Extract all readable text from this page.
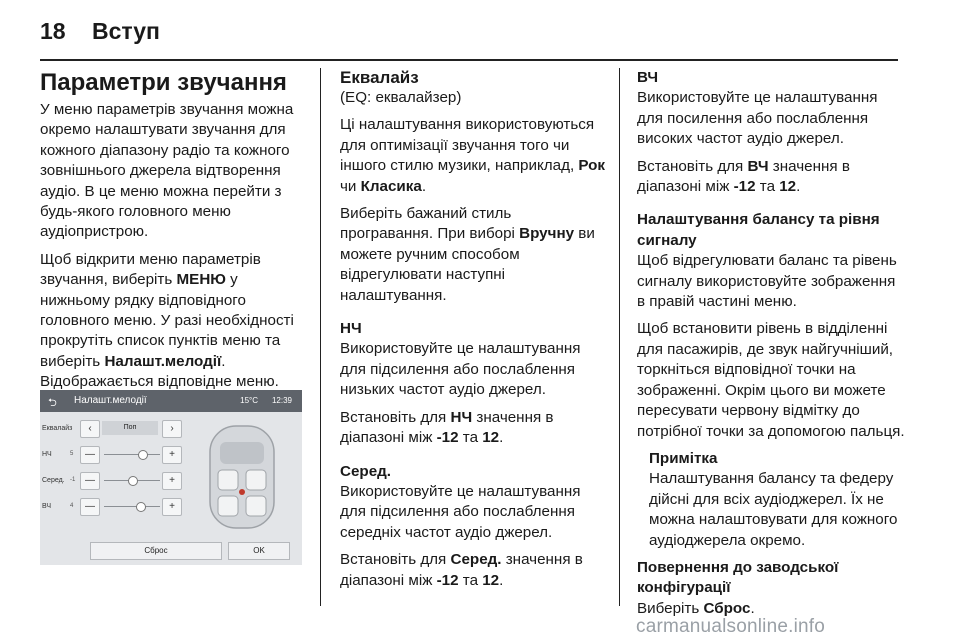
18 Вступ
Параметри звучання

У меню параметрів звучання можна окремо налаштувати звучання для кожного діапазону радіо та кожного зовнішнього джерела відтворення аудіо. В це меню можна перейти з будь-якого головного меню аудіопристрою.

Щоб відкрити меню параметрів звучання, виберіть МЕНЮ у нижньому рядку відповідного головного меню. У разі необхідності прокрутіть список пунктів меню та виберіть Налашт.мелодії. Відображається відповідне меню.

⮌ Налашт.мелодії	15°C 12:39
Еквалайз	‹	Поп	›
НЧ	5	—	+
Серед. -1 —	+
ВЧ	4	—	+
Сброс	OK
Еквалайз

(EQ: еквалайзер)

Ці налаштування використовуються для оптимізації звучання того чи іншого стилю музики, наприклад, Рок чи Класика.

Виберіть бажаний стиль програвання. При виборі Вручну ви можете ручним способом відрегулювати наступні налаштування.

НЧ

Використовуйте це налаштування для підсилення або послаблення низьких частот аудіо джерел.

Встановіть для НЧ значення в діапазоні між -12 та 12.

Серед.

Використовуйте це налаштування для підсилення або послаблення середніх частот аудіо джерел.

Встановіть для Серед. значення в діапазоні між -12 та 12.

ВЧ

Використовуйте це налаштування для посилення або послаблення високих частот аудіо джерел.

Встановіть для ВЧ значення в діапазоні між -12 та 12.

Налаштування балансу та рівня сигналу

Щоб відрегулювати баланс та рівень сигналу використовуйте зображення в правій частині меню.

Щоб встановити рівень в відділенні для пасажирів, де звук найгучніший, торкніться відповідної точки на зображенні. Окрім цього ви можете пересувати червону відмітку до потрібної точки за допомогою пальця.

Примітка

Налаштування балансу та федеру дійсні для всіх аудіоджерел. Їх не можна налаштовувати для кожного аудіоджерела окремо.

Повернення до заводської конфігурації

Виберіть Сброс.

carmanualsonline.info
